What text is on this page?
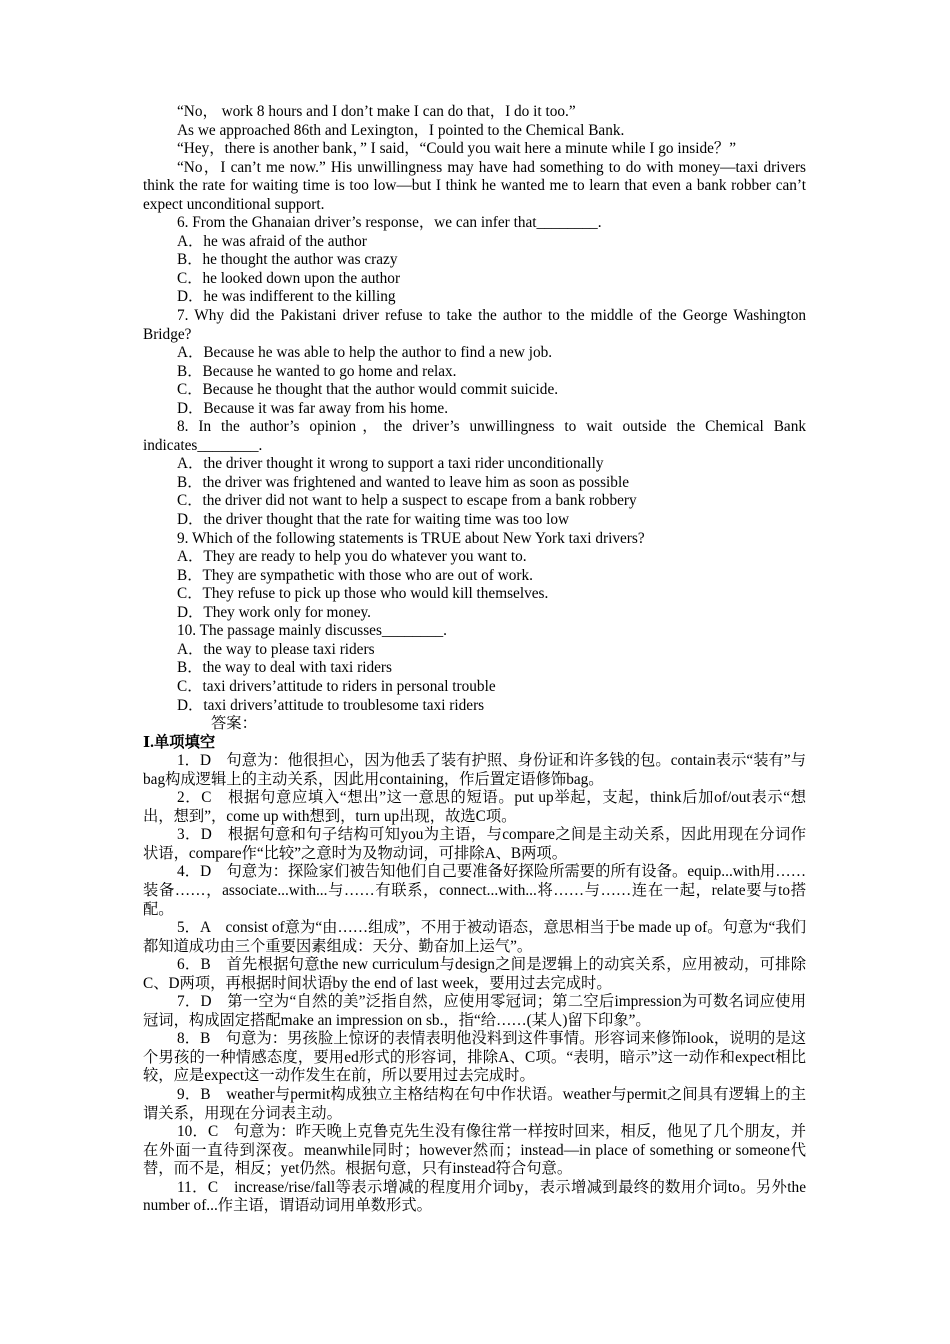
“No， work 8 hours and I don’t make I can do that，I do it too.”

As we approached 86th and Lexington，I pointed to the Chemical Bank.

“Hey，there is another bank，” I said，“Could you wait here a minute while I go inside？”

“No，I can’t me now.” His unwillingness may have had something to do with money—taxi drivers think the rate for waiting time is too low—but I think he wanted me to learn that even a bank robber can’t expect unconditional support.

6. From the Ghanaian driver’s response，we can infer that________.

A．he was afraid of the author

B．he thought the author was crazy

C．he looked down upon the author

D．he was indifferent to the killing

7. Why did the Pakistani driver refuse to take the author to the middle of the George Washington Bridge?

A．Because he was able to help the author to find a new job.

B．Because he wanted to go home and relax.

C．Because he thought that the author would commit suicide.

D．Because it was far away from his home.

8. In the author’s opinion，the driver’s unwillingness to wait outside the Chemical Bank indicates________.

A．the driver thought it wrong to support a taxi rider unconditionally

B．the driver was frightened and wanted to leave him as soon as possible

C．the driver did not want to help a suspect to escape from a bank robbery

D．the driver thought that the rate for waiting time was too low

9. Which of the following statements is TRUE about New York taxi drivers?

A．They are ready to help you do whatever you want to.

B．They are sympathetic with those who are out of work.

C．They refuse to pick up those who would kill themselves.

D．They work only for money.

10. The passage mainly discusses________.

A．the way to please taxi riders

B．the way to deal with taxi riders

C．taxi drivers’attitude to riders in personal trouble

D．taxi drivers’attitude to troublesome taxi riders

答案：

Ⅰ.单项填空

1．D　句意为：他很担心，因为他丢了装有护照、身份证和许多钱的包。contain表示“装有”与bag构成逻辑上的主动关系，因此用containing，作后置定语修饰bag。

2．C　根据句意应填入“想出”这一意思的短语。put up举起，支起，think后加of/out表示“想出，想到”，come up with想到，turn up出现，故选C项。

3．D　根据句意和句子结构可知you为主语，与compare之间是主动关系，因此用现在分词作状语，compare作“比较”之意时为及物动词，可排除A、B两项。

4．D　句意为：探险家们被告知他们自己要准备好探险所需要的所有设备。equip...with用……装备……，associate...with...与……有联系，connect...with...将……与……连在一起，relate要与to搭配。

5．A　consist of意为“由……组成”，不用于被动语态，意思相当于be made up of。句意为“我们都知道成功由三个重要因素组成：天分、勤奋加上运气”。

6．B　首先根据句意the new curriculum与design之间是逻辑上的动宾关系，应用被动，可排除C、D两项，再根据时间状语by the end of last week，要用过去完成时。

7．D　第一空为“自然的美”泛指自然，应使用零冠词；第二空后impression为可数名词应使用冠词，构成固定搭配make an impression on sb.，指“给……(某人)留下印象”。

8．B　句意为：男孩脸上惊讶的表情表明他没料到这件事情。形容词来修饰look，说明的是这个男孩的一种情感态度，要用ed形式的形容词，排除A、C项。“表明，暗示”这一动作和expect相比较，应是expect这一动作发生在前，所以要用过去完成时。

9．B　weather与permit构成独立主格结构在句中作状语。weather与permit之间具有逻辑上的主谓关系，用现在分词表主动。

10．C　句意为：昨天晚上克鲁克先生没有像往常一样按时回来，相反，他见了几个朋友，并在外面一直待到深夜。meanwhile同时；however然而；instead—in place of something or someone代替，而不是，相反；yet仍然。根据句意，只有instead符合句意。

11．C　increase/rise/fall等表示增减的程度用介词by，表示增减到最终的数用介词to。另外the number of...作主语，谓语动词用单数形式。
